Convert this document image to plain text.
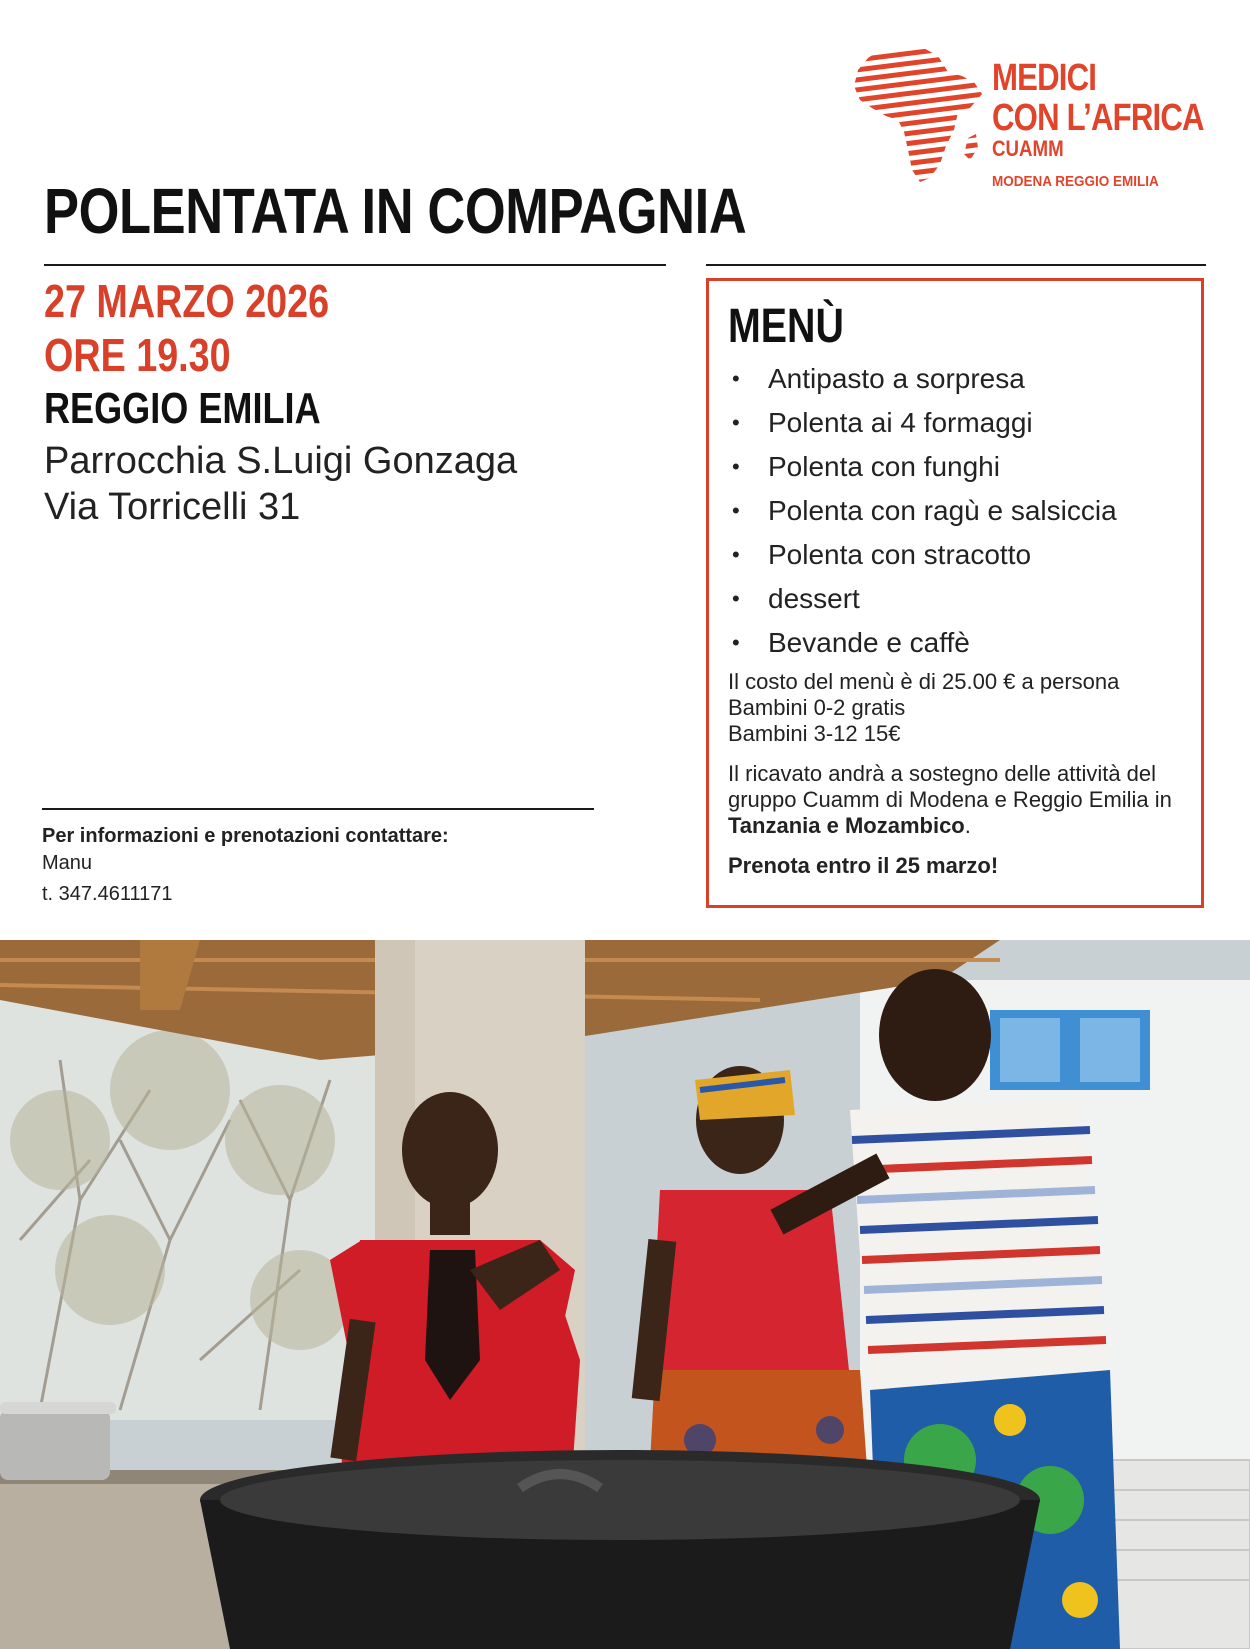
MEDICI
CON L’AFRICA
CUAMM
MODENA REGGIO EMILIA
POLENTATA IN COMPAGNIA
27 MARZO 2026
ORE 19.30
REGGIO EMILIA
Parrocchia S.Luigi Gonzaga
Via Torricelli 31
Per informazioni e prenotazioni contattare:
Manu
t. 347.4611171
MENÙ
• Antipasto a sorpresa
• Polenta ai 4 formaggi
• Polenta con funghi
• Polenta con ragù e salsiccia
• Polenta con stracotto
• dessert
• Bevande e caffè
Il costo del menù è di 25.00 € a persona
Bambini 0-2 gratis
Bambini 3-12 15€
Il ricavato andrà a sostegno delle attività del gruppo Cuamm di Modena e Reggio Emilia in Tanzania e Mozambico.
Prenota entro il 25 marzo!
